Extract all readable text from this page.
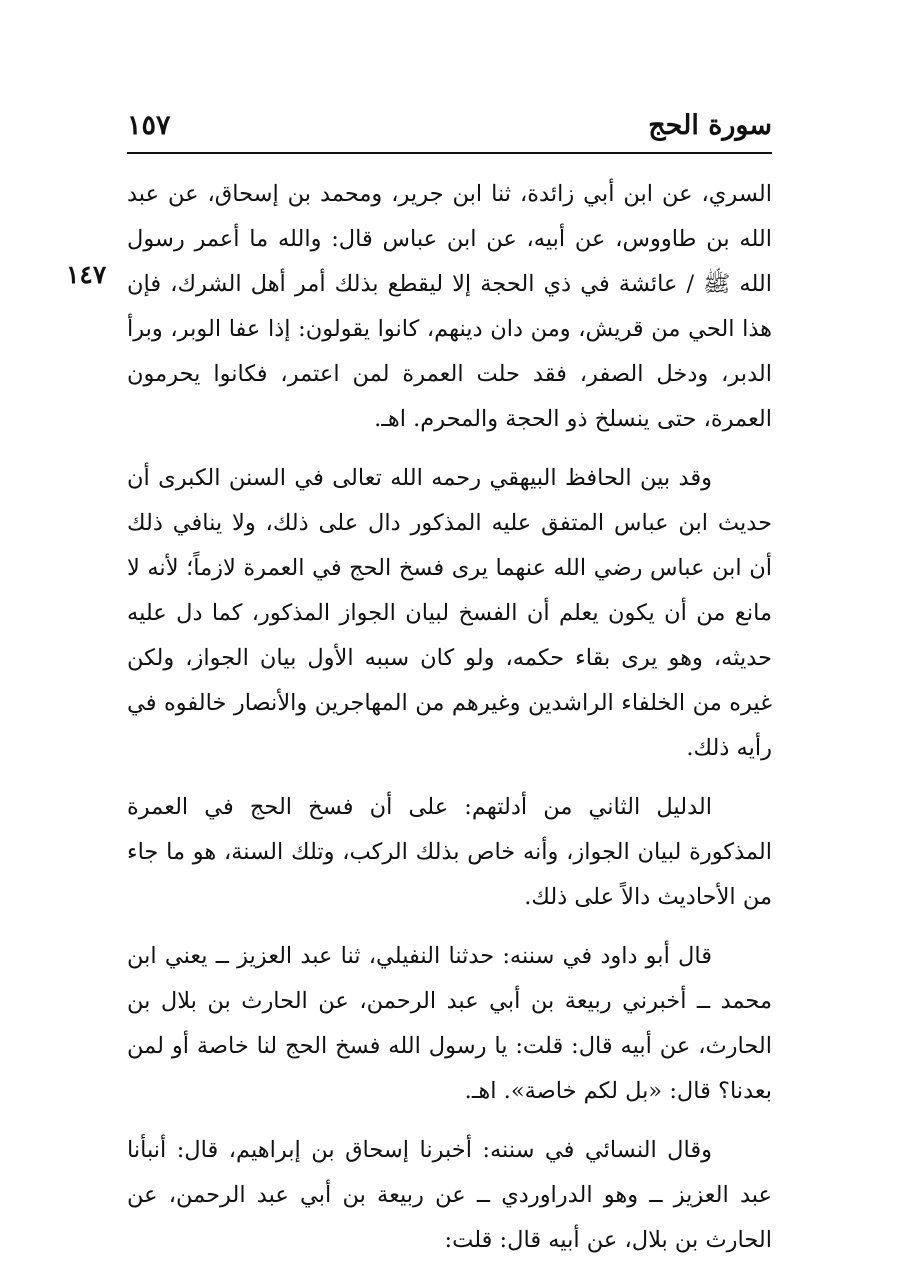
سورة الحج
١٥٧
١٤٧

السري، عن ابن أبي زائدة، ثنا ابن جرير، ومحمد بن إسحاق، عن عبد الله بن طاووس، عن أبيه، عن ابن عباس قال: والله ما أعمر رسول الله ﷺ / عائشة في ذي الحجة إلا ليقطع بذلك أمر أهل الشرك، فإن هذا الحي من قريش، ومن دان دينهم، كانوا يقولون: إذا عفا الوبر، وبرأ الدبر، ودخل الصفر، فقد حلت العمرة لمن اعتمر، فكانوا يحرمون العمرة، حتى ينسلخ ذو الحجة والمحرم. اهـ.

وقد بين الحافظ البيهقي رحمه الله تعالى في السنن الكبرى أن حديث ابن عباس المتفق عليه المذكور دال على ذلك، ولا ينافي ذلك أن ابن عباس رضي الله عنهما يرى فسخ الحج في العمرة لازماً؛ لأنه لا مانع من أن يكون يعلم أن الفسخ لبيان الجواز المذكور، كما دل عليه حديثه، وهو يرى بقاء حكمه، ولو كان سببه الأول بيان الجواز، ولكن غيره من الخلفاء الراشدين وغيرهم من المهاجرين والأنصار خالفوه في رأيه ذلك.

الدليل الثاني من أدلتهم: على أن فسخ الحج في العمرة المذكورة لبيان الجواز، وأنه خاص بذلك الركب، وتلك السنة، هو ما جاء من الأحاديث دالاً على ذلك.

قال أبو داود في سننه: حدثنا النفيلي، ثنا عبد العزيز ــ يعني ابن محمد ــ أخبرني ربيعة بن أبي عبد الرحمن، عن الحارث بن بلال بن الحارث، عن أبيه قال: قلت: يا رسول الله فسخ الحج لنا خاصة أو لمن بعدنا؟ قال: «بل لكم خاصة». اهـ.

وقال النسائي في سننه: أخبرنا إسحاق بن إبراهيم، قال: أنبأنا عبد العزيز ــ وهو الدراوردي ــ عن ربيعة بن أبي عبد الرحمن، عن الحارث بن بلال، عن أبيه قال: قلت:
